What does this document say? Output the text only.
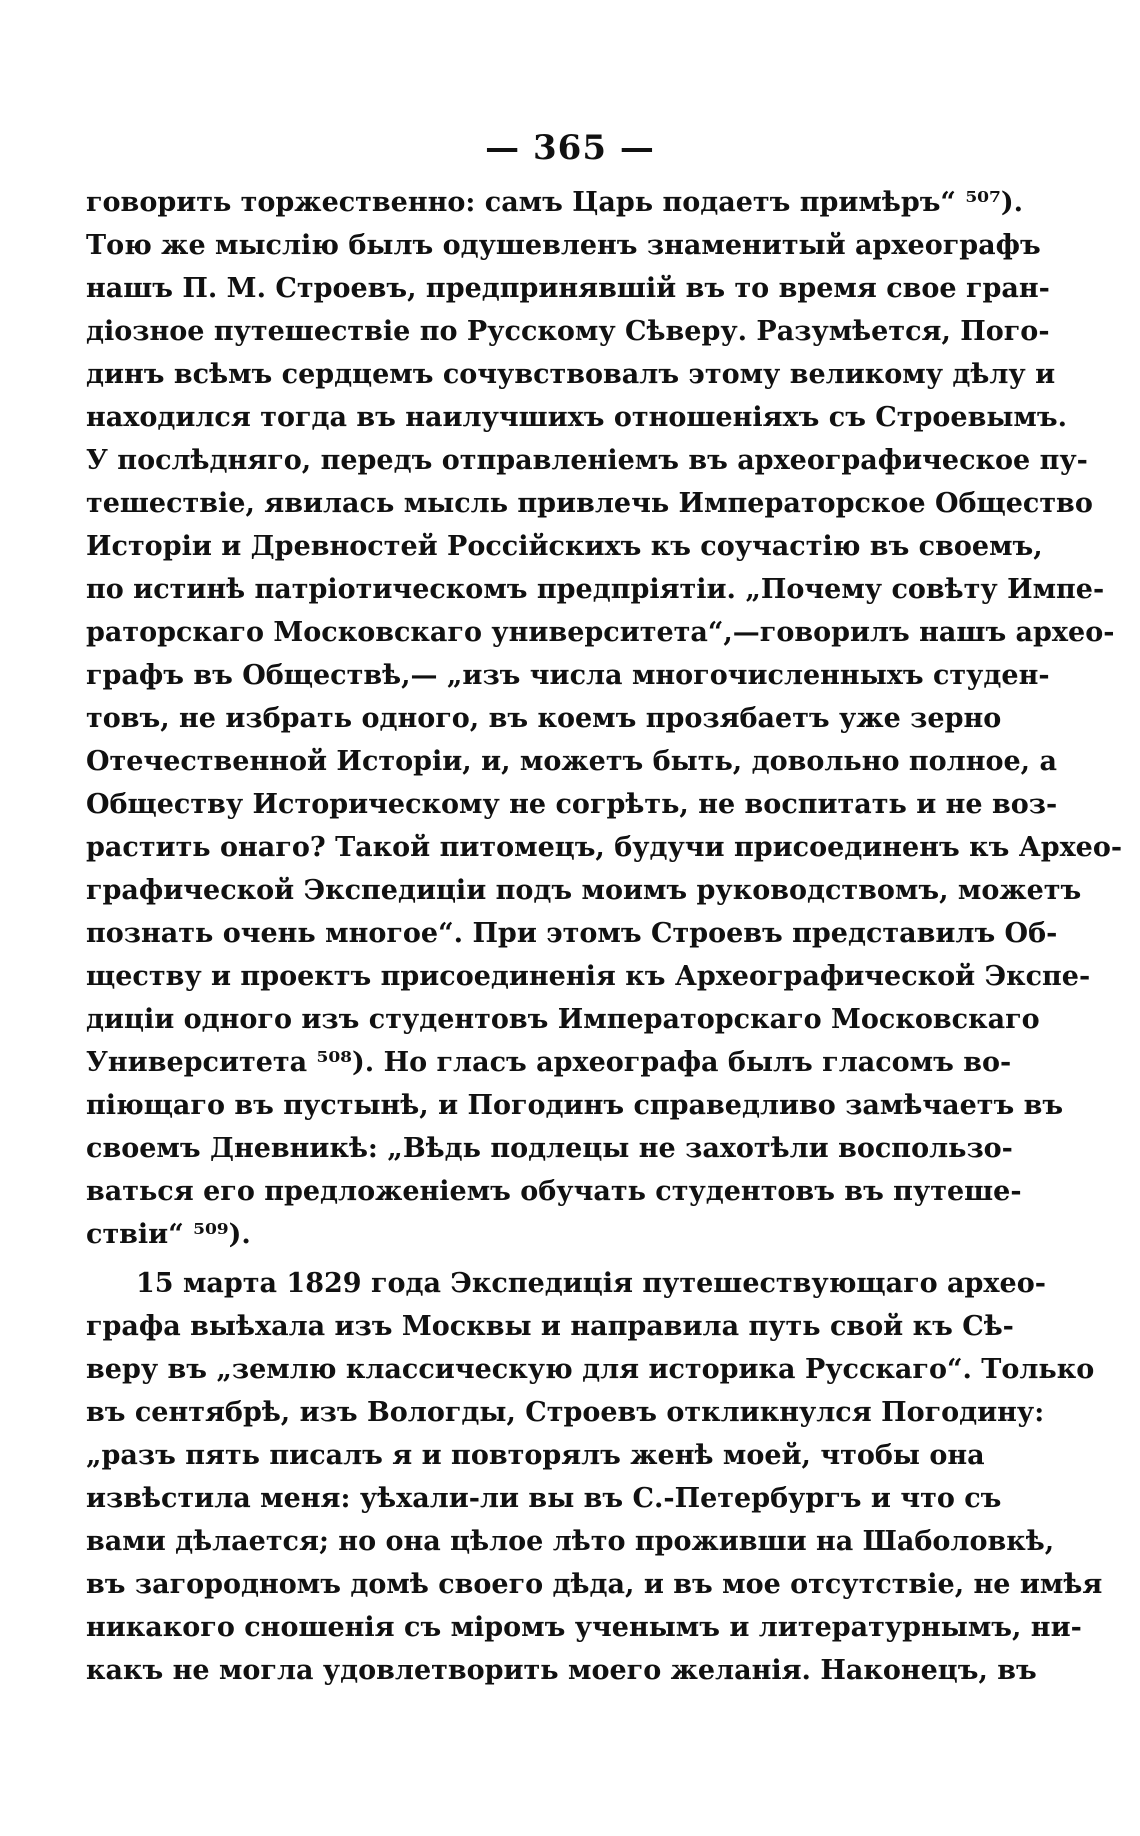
— 365 —
говорить торжественно: самъ Царь подаетъ примѣръ“ ⁵⁰⁷).
Тою же мыслію былъ одушевленъ знаменитый археографъ
нашъ П. М. Строевъ, предпринявшій въ то время свое гран-
діозное путешествіе по Русскому Сѣверу. Разумѣется, Пого-
динъ всѣмъ сердцемъ сочувствовалъ этому великому дѣлу и
находился тогда въ наилучшихъ отношеніяхъ съ Строевымъ.
У послѣдняго, передъ отправленіемъ въ археографическое пу-
тешествіе, явилась мысль привлечь Императорское Общество
Исторіи и Древностей Россійскихъ къ соучастію въ своемъ,
по истинѣ патріотическомъ предпріятіи. „Почему совѣту Импе-
раторскаго Московскаго университета“,—говорилъ нашъ архео-
графъ въ Обществѣ,— „изъ числа многочисленныхъ студен-
товъ, не избрать одного, въ коемъ прозябаетъ уже зерно
Отечественной Исторіи, и, можетъ быть, довольно полное, а
Обществу Историческому не согрѣть, не воспитать и не воз-
растить онаго? Такой питомецъ, будучи присоединенъ къ Архео-
графической Экспедиціи подъ моимъ руководствомъ, можетъ
познать очень многое“. При этомъ Строевъ представилъ Об-
ществу и проектъ присоединенія къ Археографической Экспе-
диціи одного изъ студентовъ Императорскаго Московскаго
Университета ⁵⁰⁸). Но гласъ археографа былъ гласомъ во-
піющаго въ пустынѣ, и Погодинъ справедливо замѣчаетъ въ
своемъ Дневникѣ: „Вѣдь подлецы не захотѣли воспользо-
ваться его предложеніемъ обучать студентовъ въ путеше-
ствіи“ ⁵⁰⁹).
15 марта 1829 года Экспедиція путешествующаго архео-
графа выѣхала изъ Москвы и направила путь свой къ Сѣ-
веру въ „землю классическую для историка Русскаго“. Только
въ сентябрѣ, изъ Вологды, Строевъ откликнулся Погодину:
„разъ пять писалъ я и повторялъ женѣ моей, чтобы она
извѣстила меня: уѣхали-ли вы въ С.-Петербургъ и что съ
вами дѣлается; но она цѣлое лѣто проживши на Шаболовкѣ,
въ загородномъ домѣ своего дѣда, и въ мое отсутствіе, не имѣя
никакого сношенія съ міромъ ученымъ и литературнымъ, ни-
какъ не могла удовлетворить моего желанія. Наконецъ, въ
